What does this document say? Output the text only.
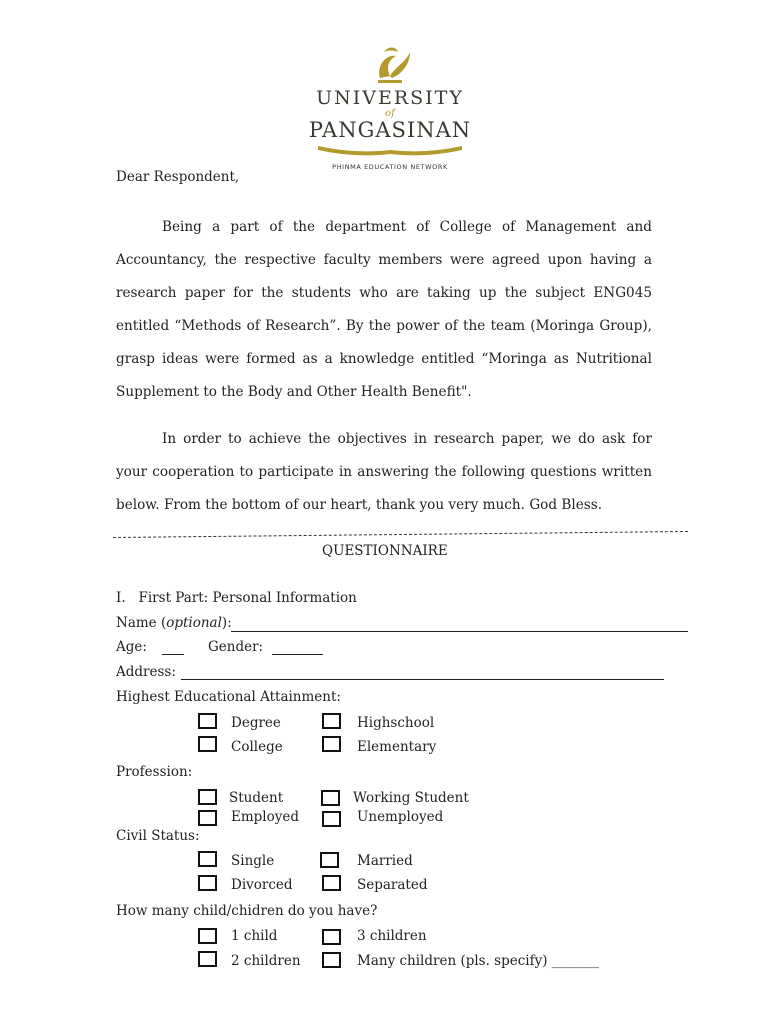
UNIVERSITY
of
PANGASINAN
PHINMA EDUCATION NETWORK
Dear Respondent,
Being a part of the department of College of Management and
Accountancy, the respective faculty members were agreed upon having a
research paper for the students who are taking up the subject ENG045
entitled “Methods of Research”. By the power of the team (Moringa Group),
grasp ideas were formed as a knowledge entitled “Moringa as Nutritional
Supplement to the Body and Other Health Benefit".
In order to achieve the objectives in research paper, we do ask for
your cooperation to participate in answering the following questions written
below. From the bottom of our heart, thank you very much. God Bless.
QUESTIONNAIRE
I.   First Part: Personal Information
Name (optional):
Age:	Gender:
Address:
Highest Educational Attainment:
Degree	Highschool
College	Elementary
Profession:
Student	Working Student
Employed	Unemployed
Civil Status:
Single	Married
Divorced	Separated
How many child/chidren do you have?
1 child	3 children
2 children	Many children (pls. specify) _______
